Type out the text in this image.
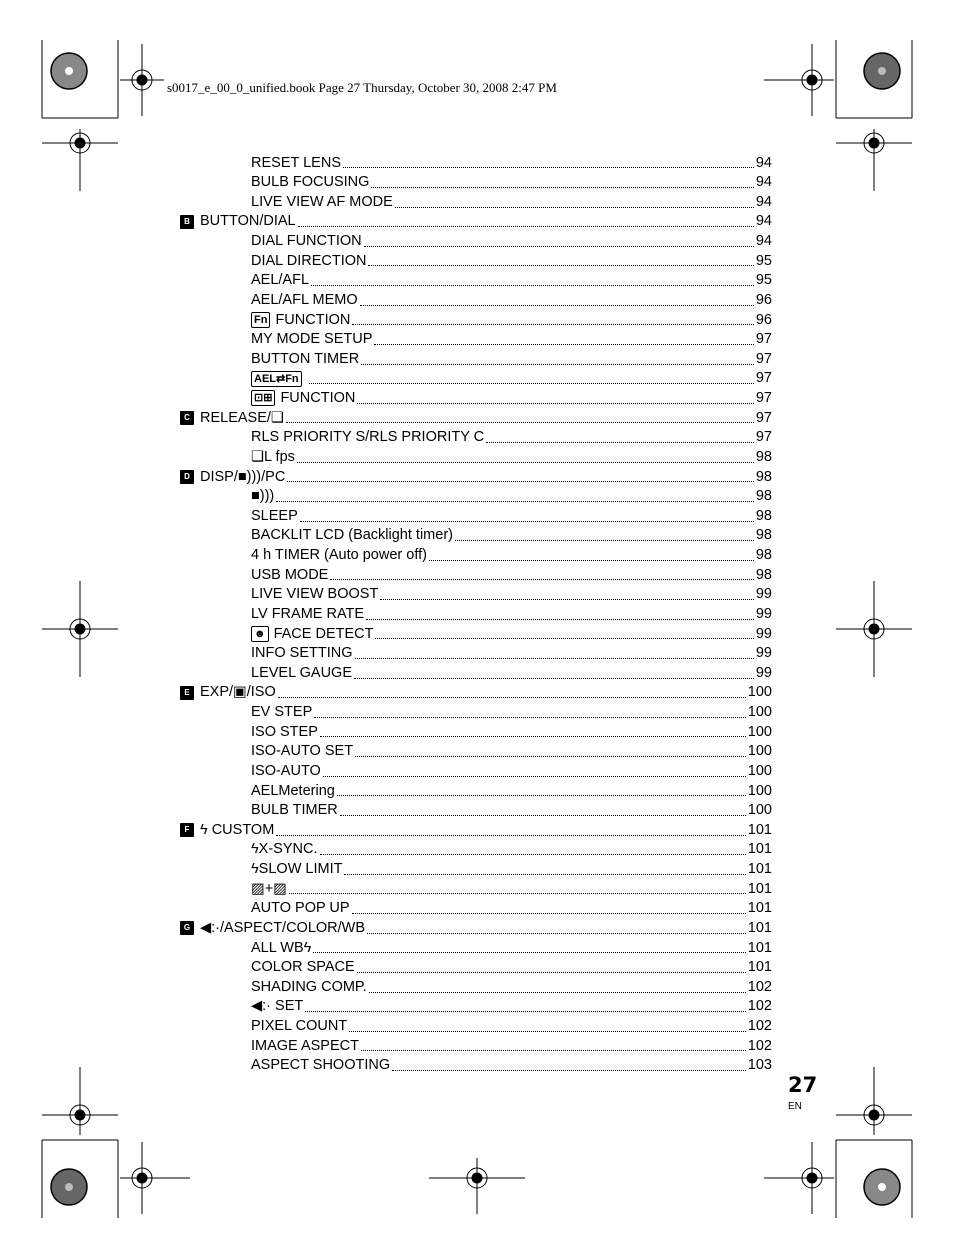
s0017_e_00_0_unified.book Page 27 Thursday, October 30, 2008 2:47 PM
RESET LENS	94
BULB FOCUSING	94
LIVE VIEW AF MODE	94
B BUTTON/DIAL	94
DIAL FUNCTION	94
DIAL DIRECTION	95
AEL/AFL	95
AEL/AFL MEMO	96
Fn FUNCTION	96
MY MODE SETUP	97
BUTTON TIMER	97
AEL⇄Fn	97
⊡⊞ FUNCTION	97
C RELEASE/❏	97
RLS PRIORITY S/RLS PRIORITY C	97
❏L fps	98
D DISP/■)))/PC	98
■)))	98
SLEEP	98
BACKLIT LCD (Backlight timer)	98
4 h TIMER (Auto power off)	98
USB MODE	98
LIVE VIEW BOOST	99
LV FRAME RATE	99
☻ FACE DETECT	99
INFO SETTING	99
LEVEL GAUGE	99
E EXP/▣/ISO	100
EV STEP	100
ISO STEP	100
ISO-AUTO SET	100
ISO-AUTO	100
AELMetering	100
BULB TIMER	100
F ϟ CUSTOM	101
ϟX-SYNC.	101
ϟSLOW LIMIT	101
▨+▨	101
AUTO POP UP	101
G ◀:·/ASPECT/COLOR/WB	101
ALL WBϟ	101
COLOR SPACE	101
SHADING COMP.	102
◀:· SET	102
PIXEL COUNT	102
IMAGE ASPECT	102
ASPECT SHOOTING	103
27
EN
